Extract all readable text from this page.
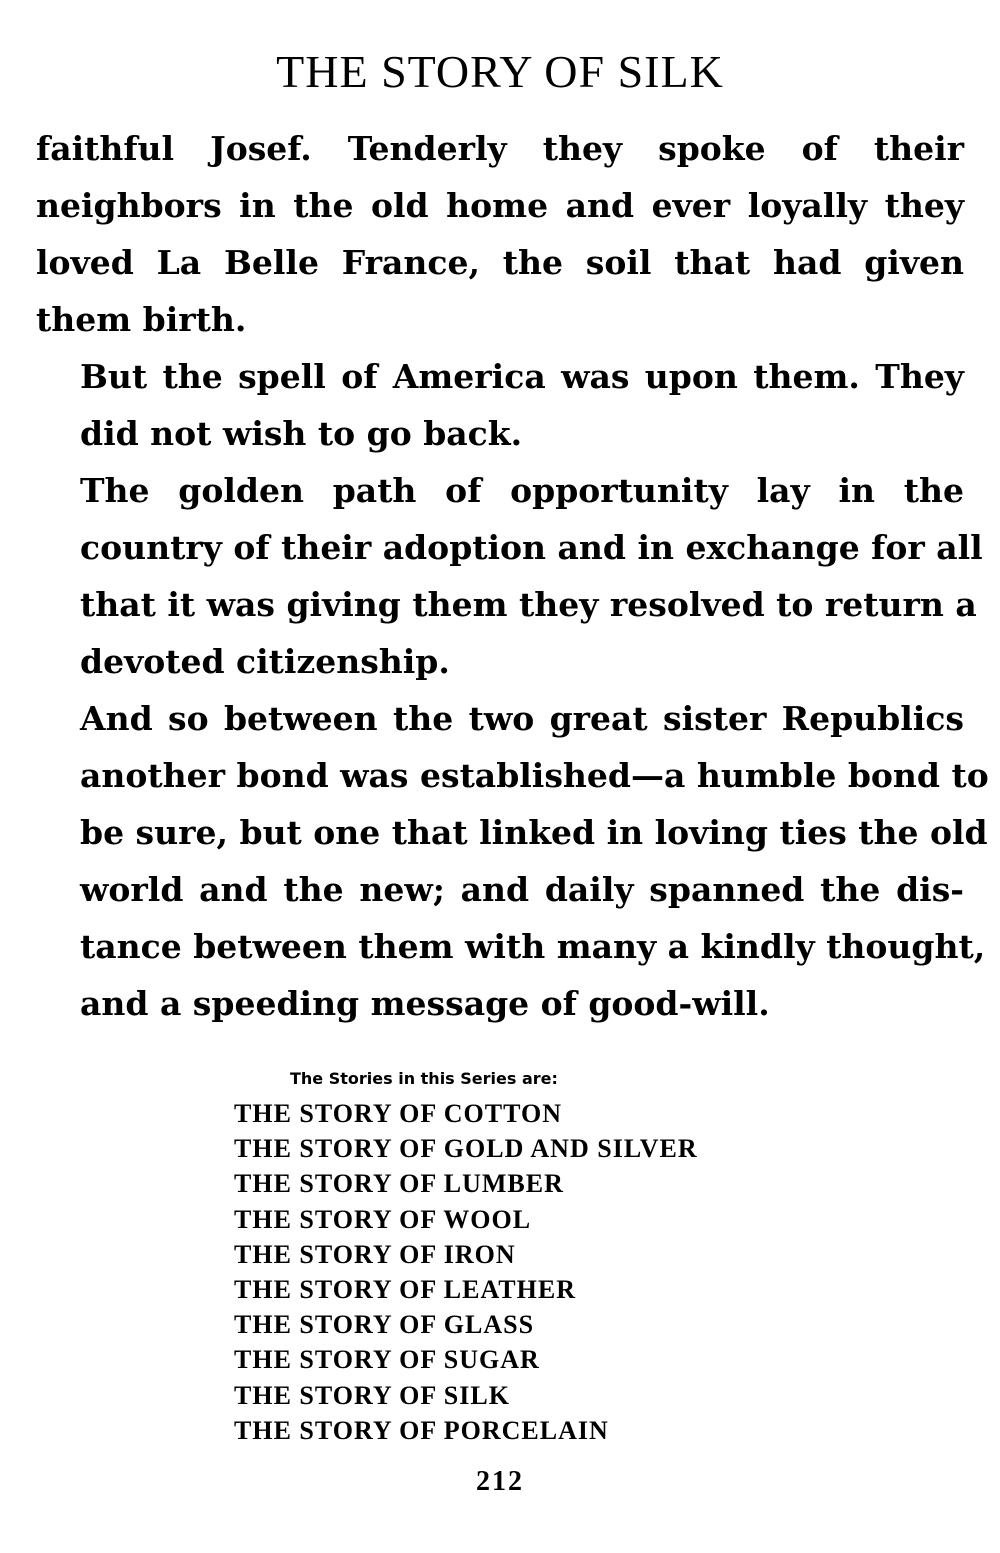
THE STORY OF SILK

faithful Josef. Tenderly they spoke of their
neighbors in the old home and ever loyally they
loved La Belle France, the soil that had given
them birth.

But the spell of America was upon them. They
did not wish to go back.

The golden path of opportunity lay in the
country of their adoption and in exchange for all
that it was giving them they resolved to return a
devoted citizenship.

And so between the two great sister Republics
another bond was established—a humble bond to
be sure, but one that linked in loving ties the old
world and the new; and daily spanned the dis-
tance between them with many a kindly thought,
and a speeding message of good-will.

The Stories in this Series are:
THE STORY OF COTTON
THE STORY OF GOLD AND SILVER
THE STORY OF LUMBER
THE STORY OF WOOL
THE STORY OF IRON
THE STORY OF LEATHER
THE STORY OF GLASS
THE STORY OF SUGAR
THE STORY OF SILK
THE STORY OF PORCELAIN
212
